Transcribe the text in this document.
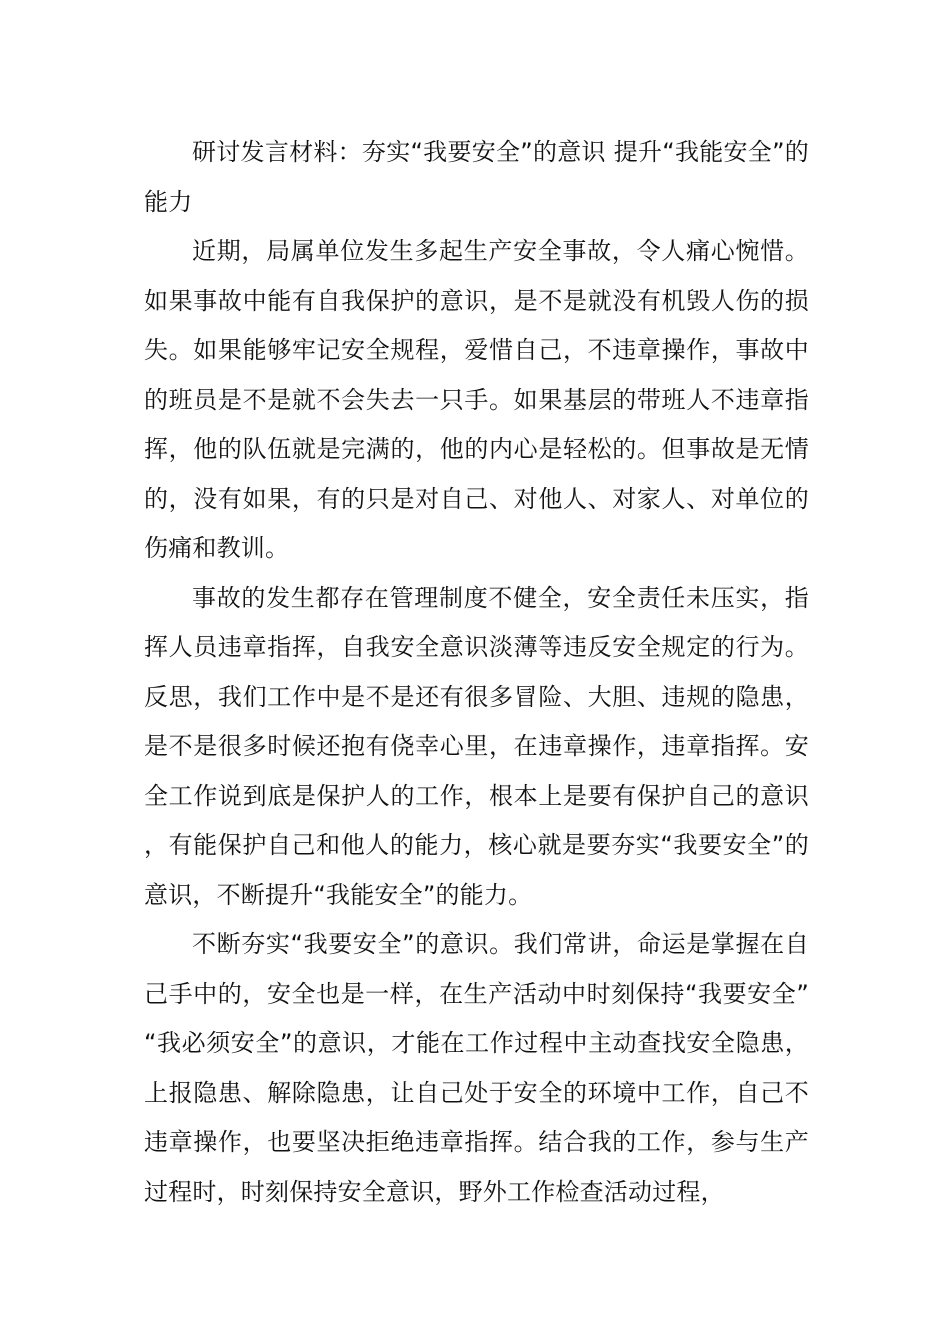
研讨发言材料：夯实“我要安全”的意识 提升“我能安全”的能力

近期，局属单位发生多起生产安全事故，令人痛心惋惜。如果事故中能有自我保护的意识，是不是就没有机毁人伤的损失。如果能够牢记安全规程，爱惜自己，不违章操作，事故中的班员是不是就不会失去一只手。如果基层的带班人不违章指挥，他的队伍就是完满的，他的内心是轻松的。但事故是无情的，没有如果，有的只是对自己、对他人、对家人、对单位的伤痛和教训。

事故的发生都存在管理制度不健全，安全责任未压实，指挥人员违章指挥，自我安全意识淡薄等违反安全规定的行为。反思，我们工作中是不是还有很多冒险、大胆、违规的隐患，是不是很多时候还抱有侥幸心里，在违章操作，违章指挥。安全工作说到底是保护人的工作，根本上是要有保护自己的意识，有能保护自己和他人的能力，核心就是要夯实“我要安全”的意识，不断提升“我能安全”的能力。

不断夯实“我要安全”的意识。我们常讲，命运是掌握在自己手中的，安全也是一样，在生产活动中时刻保持“我要安全”“我必须安全”的意识，才能在工作过程中主动查找安全隐患，上报隐患、解除隐患，让自己处于安全的环境中工作，自己不违章操作，也要坚决拒绝违章指挥。结合我的工作，参与生产过程时，时刻保持安全意识，野外工作检查活动过程，
